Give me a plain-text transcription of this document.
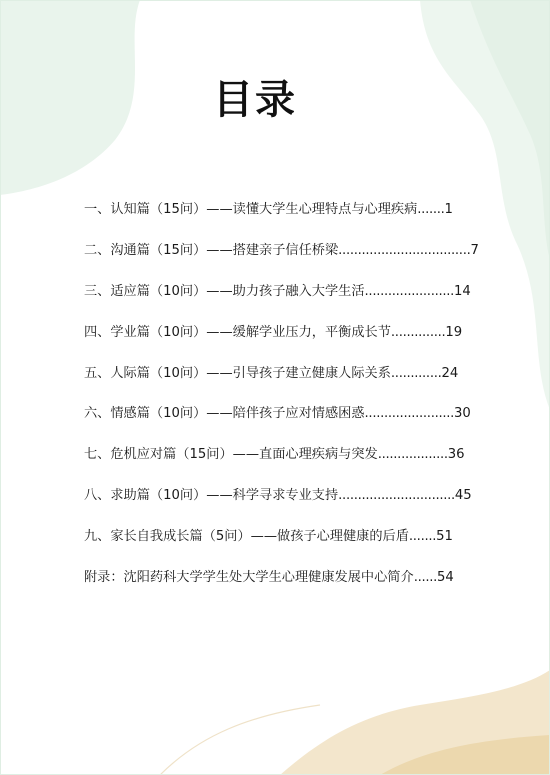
目录
一、认知篇（15问）——读懂大学生心理特点与心理疾病 ....... 1
二、沟通篇（15问）——搭建亲子信任桥梁 .................................. 7
三、适应篇（10问）——助力孩子融入大学生活 ....................... 14
四、学业篇（10问）——缓解学业压力，平衡成长节 .............. 19
五、人际篇（10问）——引导孩子建立健康人际关系 ............. 24
六、情感篇（10问）——陪伴孩子应对情感困惑 ....................... 30
七、危机应对篇（15问）——直面心理疾病与突发 .................. 36
八、求助篇（10问）——科学寻求专业支持 .............................. 45
九、家长自我成长篇（5问）——做孩子心理健康的后盾 ....... 51
附录：沈阳药科大学学生处大学生心理健康发展中心简介 ...... 54
